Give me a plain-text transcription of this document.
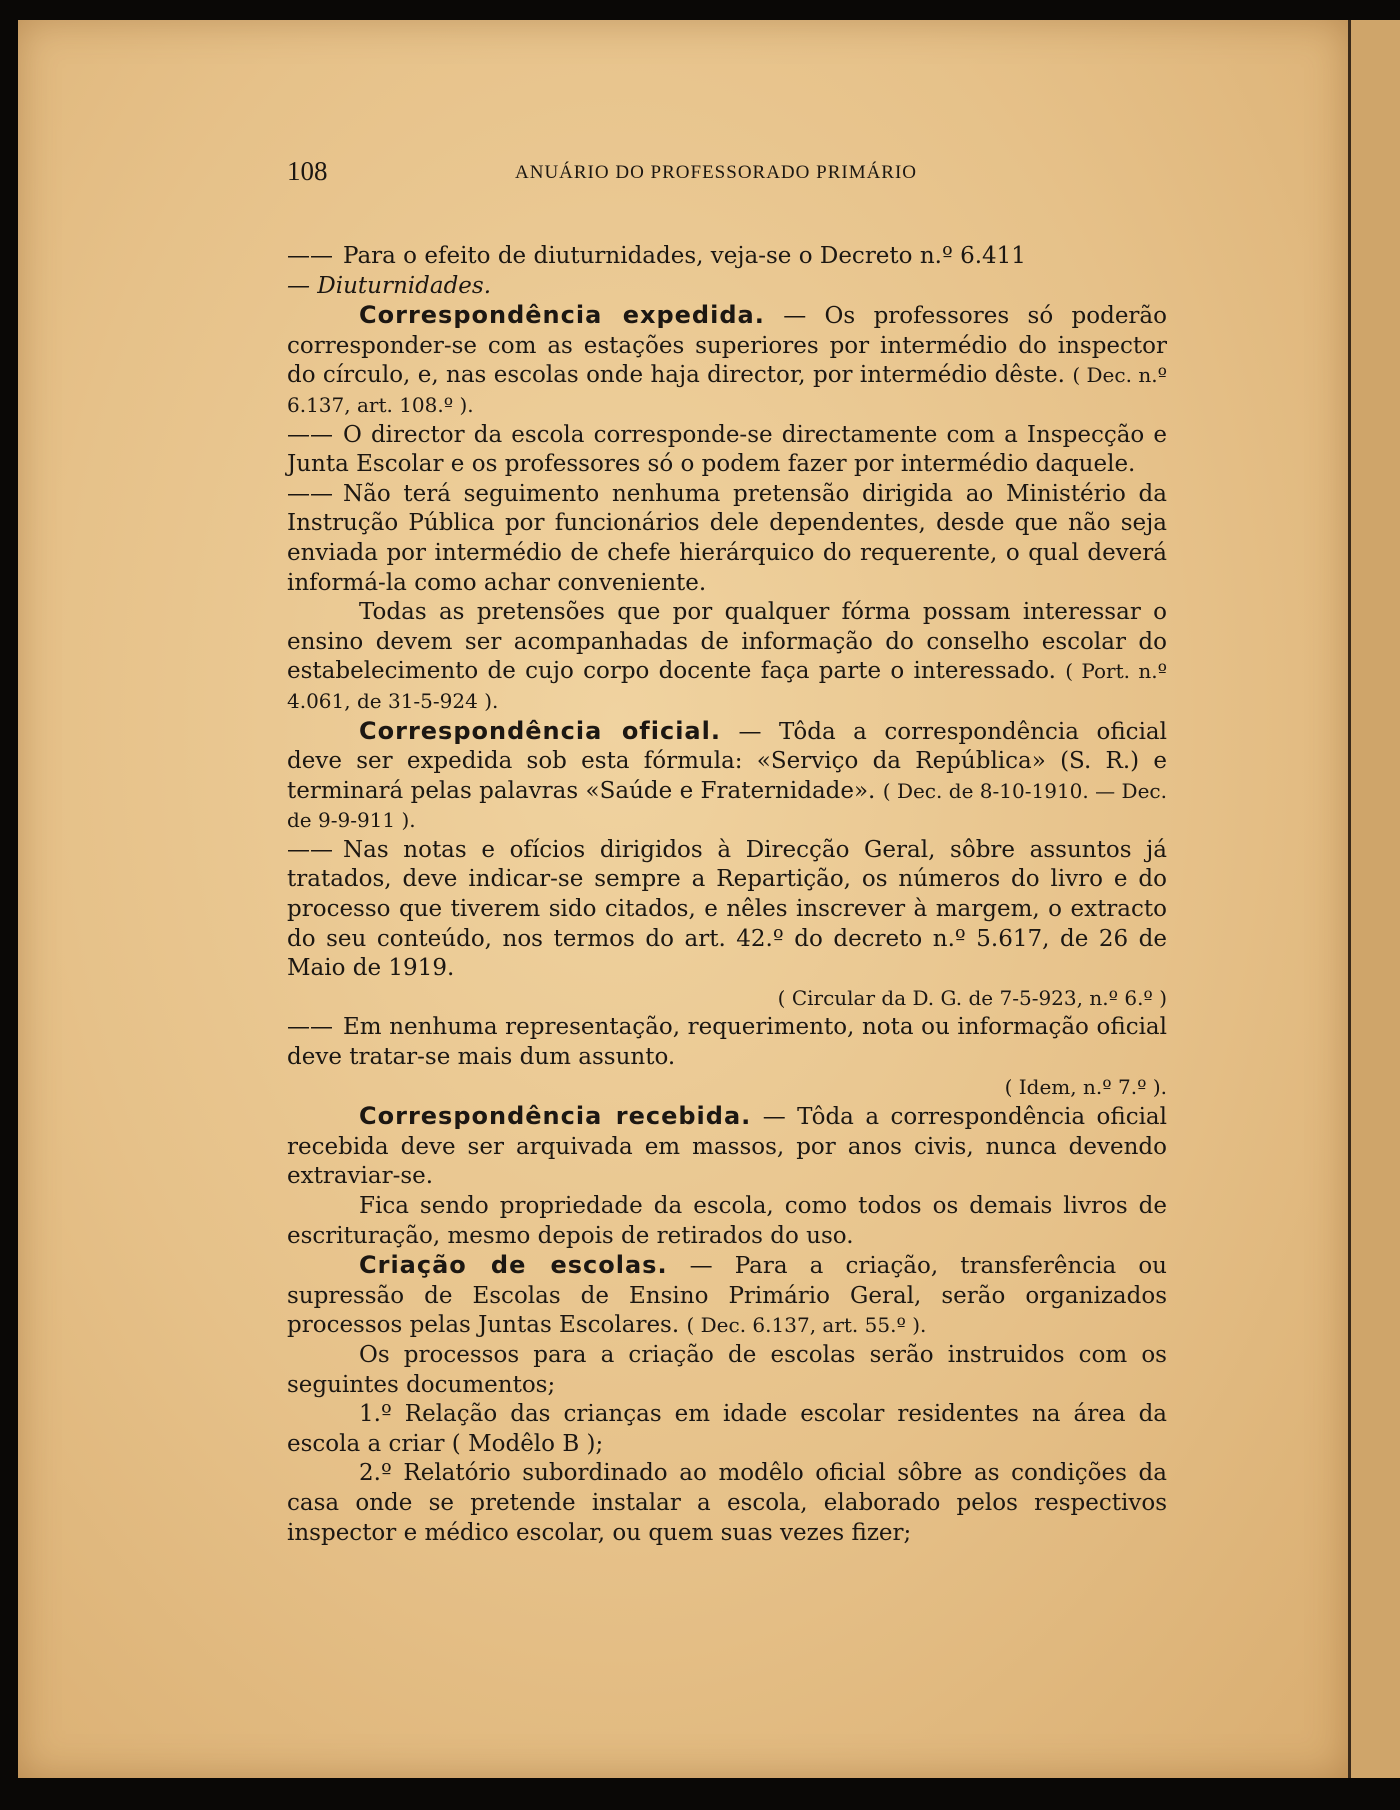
108	ANUÁRIO DO PROFESSORADO PRIMÁRIO

—— Para o efeito de diuturnidades, veja-se o Decreto n.º 6.411
— Diuturnidades.

Correspondência expedida. — Os professores só poderão corresponder-se com as estações superiores por intermédio do inspector do círculo, e, nas escolas onde haja director, por intermédio dêste. ( Dec. n.º 6.137, art. 108.º ).

—— O director da escola corresponde-se directamente com a Inspecção e Junta Escolar e os professores só o podem fazer por intermédio daquele.

—— Não terá seguimento nenhuma pretensão dirigida ao Ministério da Instrução Pública por funcionários dele dependentes, desde que não seja enviada por intermédio de chefe hierárquico do requerente, o qual deverá informá-la como achar conveniente.

Todas as pretensões que por qualquer fórma possam interessar o ensino devem ser acompanhadas de informação do conselho escolar do estabelecimento de cujo corpo docente faça parte o interessado. ( Port. n.º 4.061, de 31-5-924 ).

Correspondência oficial. — Tôda a correspondência oficial deve ser expedida sob esta fórmula: «Serviço da República» (S. R.) e terminará pelas palavras «Saúde e Fraternidade». ( Dec. de 8-10-1910. — Dec. de 9-9-911 ).

—— Nas notas e ofícios dirigidos à Direcção Geral, sôbre assuntos já tratados, deve indicar-se sempre a Repartição, os números do livro e do processo que tiverem sido citados, e nêles inscrever à margem, o extracto do seu conteúdo, nos termos do art. 42.º do decreto n.º 5.617, de 26 de Maio de 1919.

( Circular da D. G. de 7-5-923, n.º 6.º )

—— Em nenhuma representação, requerimento, nota ou informação oficial deve tratar-se mais dum assunto.

( Idem, n.º 7.º ).

Correspondência recebida. — Tôda a correspondência oficial recebida deve ser arquivada em massos, por anos civis, nunca devendo extraviar-se.

Fica sendo propriedade da escola, como todos os demais livros de escrituração, mesmo depois de retirados do uso.

Criação de escolas. — Para a criação, transferência ou supressão de Escolas de Ensino Primário Geral, serão organizados processos pelas Juntas Escolares. ( Dec. 6.137, art. 55.º ).

Os processos para a criação de escolas serão instruidos com os seguintes documentos;

1.º Relação das crianças em idade escolar residentes na área da escola a criar ( Modêlo B );

2.º Relatório subordinado ao modêlo oficial sôbre as condições da casa onde se pretende instalar a escola, elaborado pelos respectivos inspector e médico escolar, ou quem suas vezes fizer;
